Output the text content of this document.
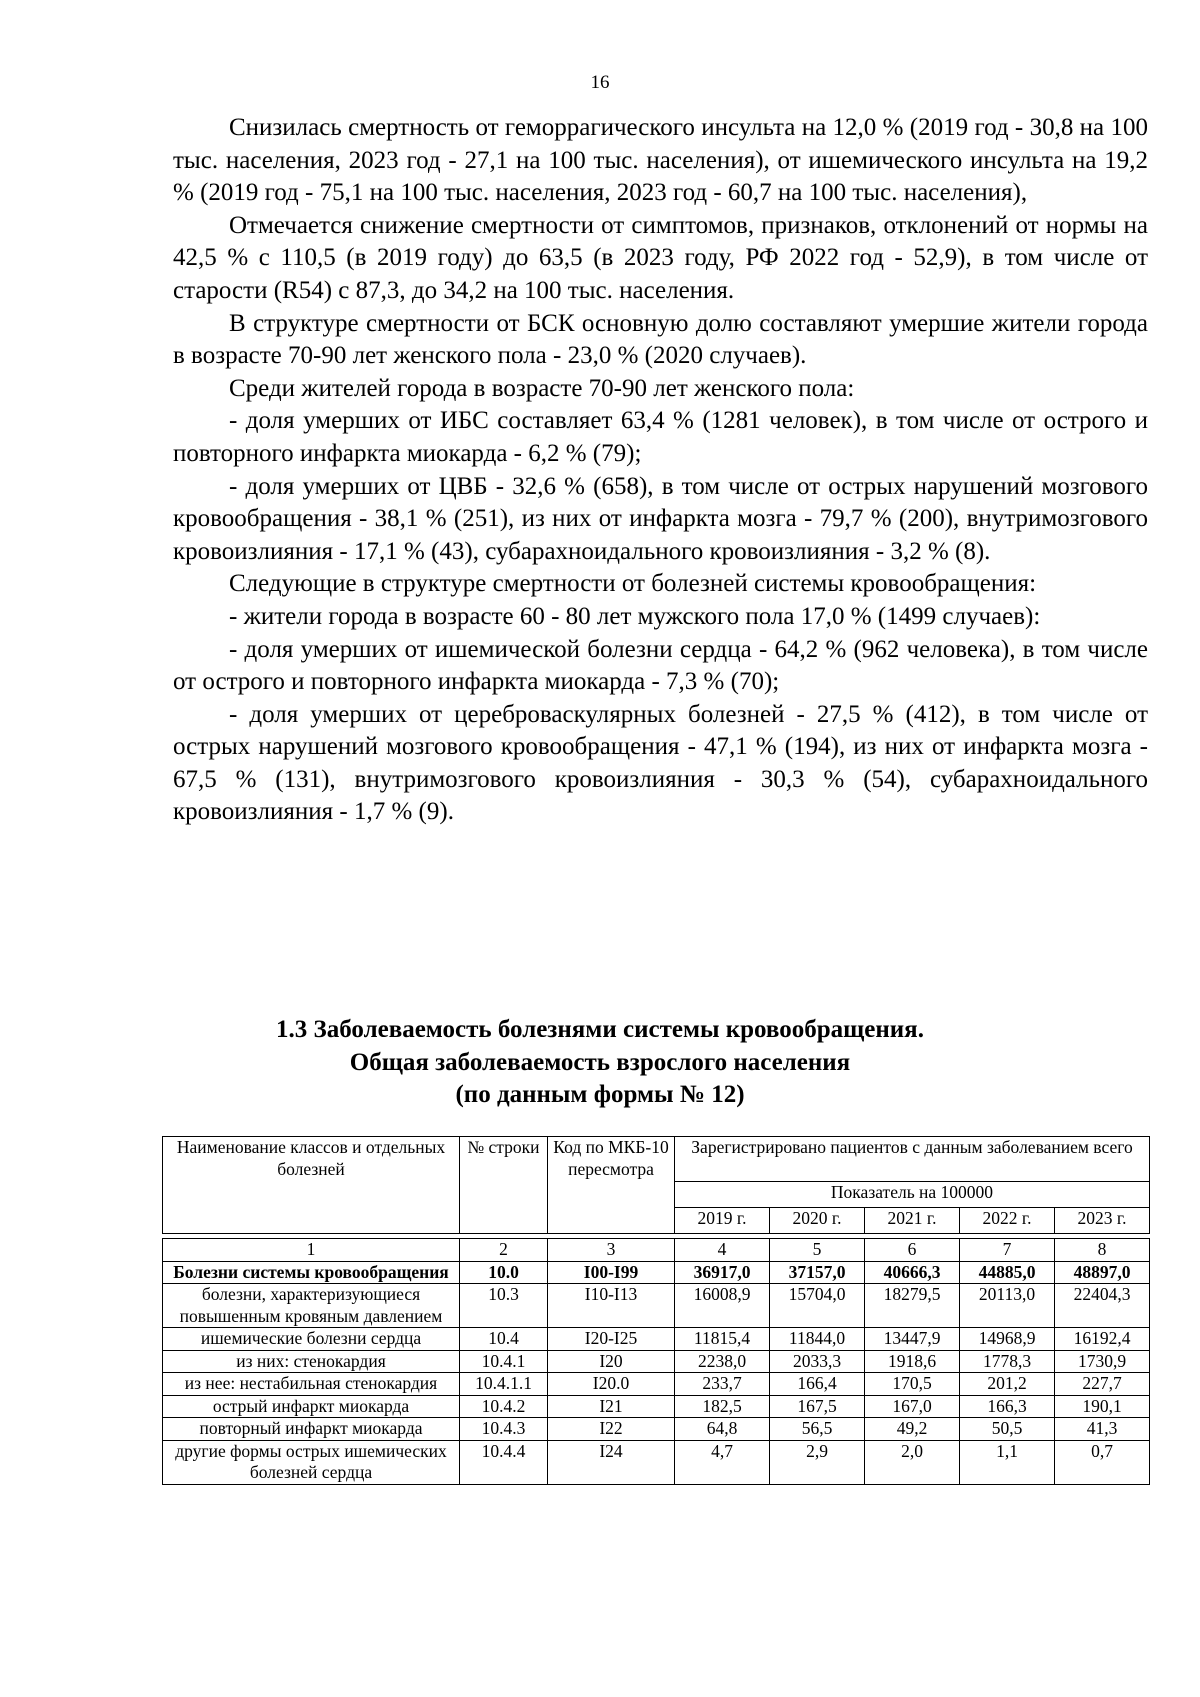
16

Снизилась смертность от геморрагического инсульта на 12,0 % (2019 год - 30,8 на 100 тыс. населения, 2023 год - 27,1 на 100 тыс. населения), от ишемического инсульта на 19,2 % (2019 год - 75,1 на 100 тыс. населения, 2023 год - 60,7 на 100 тыс. населения),

Отмечается снижение смертности от симптомов, признаков, отклонений от нормы на 42,5 % с 110,5 (в 2019 году) до 63,5 (в 2023 году, РФ 2022 год - 52,9), в том числе от старости (R54) с 87,3, до 34,2 на 100 тыс. населения.

В структуре смертности от БСК основную долю составляют умершие жители города в возрасте 70-90 лет женского пола - 23,0 % (2020 случаев).

Среди жителей города в возрасте 70-90 лет женского пола:

- доля умерших от ИБС составляет 63,4 % (1281 человек), в том числе от острого и повторного инфаркта миокарда - 6,2 % (79);

- доля умерших от ЦВБ - 32,6 % (658), в том числе от острых нарушений мозгового кровообращения - 38,1 % (251), из них от инфаркта мозга - 79,7 % (200), внутримозгового кровоизлияния - 17,1 % (43), субарахноидального кровоизлияния - 3,2 % (8).

Следующие в структуре смертности от болезней системы кровообращения:

- жители города в возрасте 60 - 80 лет мужского пола 17,0 % (1499 случаев):

- доля умерших от ишемической болезни сердца - 64,2 % (962 человека), в том числе от острого и повторного инфаркта миокарда - 7,3 % (70);

- доля умерших от цереброваскулярных болезней - 27,5 % (412), в том числе от острых нарушений мозгового кровообращения - 47,1 % (194), из них от инфаркта мозга - 67,5 % (131), внутримозгового кровоизлияния - 30,3 % (54), субарахноидального кровоизлияния - 1,7 % (9).

1.3 Заболеваемость болезнями системы кровообращения.
Общая заболеваемость взрослого населения
(по данным формы № 12)
Наименование классов и отдельных болезней	№ строки	Код по МКБ-10 пересмотра	Зарегистрировано пациентов с данным заболеванием всего				
			Показатель на 100000				
			2019 г.	2020 г.	2021 г.	2022 г.	2023 г.

1	2	3	4	5	6	7	8
Болезни системы кровообращения	10.0	I00-I99	36917,0	37157,0	40666,3	44885,0	48897,0
болезни, характеризующиеся повышенным кровяным давлением	10.3	I10-I13	16008,9	15704,0	18279,5	20113,0	22404,3
ишемические болезни сердца	10.4	I20-I25	11815,4	11844,0	13447,9	14968,9	16192,4
из них: стенокардия	10.4.1	I20	2238,0	2033,3	1918,6	1778,3	1730,9
из нее: нестабильная стенокардия	10.4.1.1	I20.0	233,7	166,4	170,5	201,2	227,7
острый инфаркт миокарда	10.4.2	I21	182,5	167,5	167,0	166,3	190,1
повторный инфаркт миокарда	10.4.3	I22	64,8	56,5	49,2	50,5	41,3
другие формы острых ишемических болезней сердца	10.4.4	I24	4,7	2,9	2,0	1,1	0,7
